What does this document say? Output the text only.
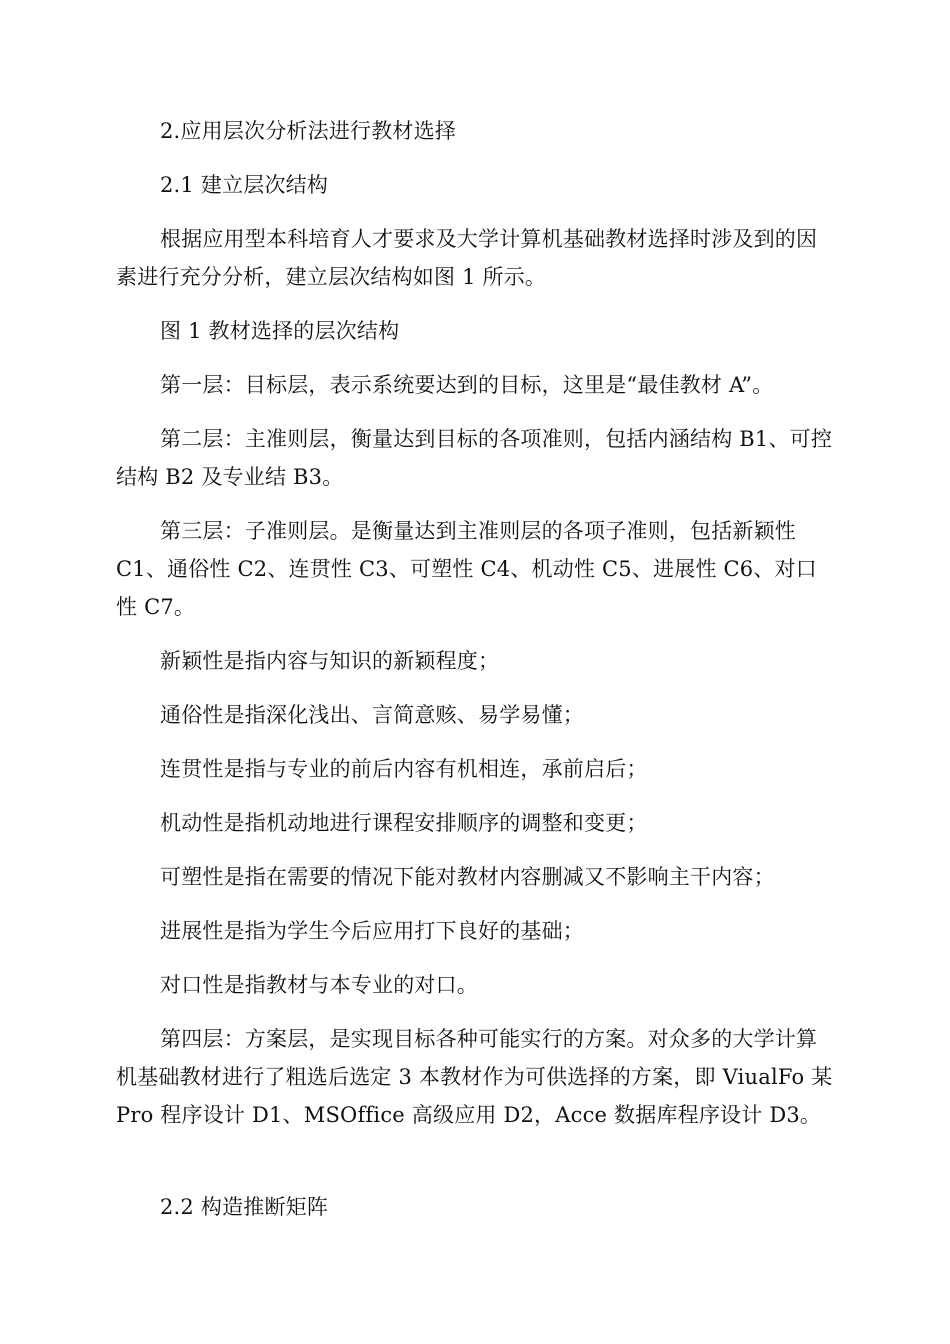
2.应用层次分析法进行教材选择

2.1 建立层次结构

根据应用型本科培育人才要求及大学计算机基础教材选择时涉及到的因素进行充分分析，建立层次结构如图 1 所示。

图 1 教材选择的层次结构

第一层：目标层，表示系统要达到的目标，这里是“最佳教材 A”。

第二层：主准则层，衡量达到目标的各项准则，包括内涵结构 B1、可控结构 B2 及专业结 B3。

第三层：子准则层。是衡量达到主准则层的各项子准则，包括新颖性 C1、通俗性 C2、连贯性 C3、可塑性 C4、机动性 C5、进展性 C6、对口性 C7。

新颖性是指内容与知识的新颖程度；

通俗性是指深化浅出、言简意赅、易学易懂；

连贯性是指与专业的前后内容有机相连，承前启后；

机动性是指机动地进行课程安排顺序的调整和变更；

可塑性是指在需要的情况下能对教材内容删减又不影响主干内容；

进展性是指为学生今后应用打下良好的基础；

对口性是指教材与本专业的对口。

第四层：方案层，是实现目标各种可能实行的方案。对众多的大学计算机基础教材进行了粗选后选定 3 本教材作为可供选择的方案，即 ViualFo 某 Pro 程序设计 D1、MSOffice 高级应用 D2，Acce 数据库程序设计 D3。

2.2 构造推断矩阵
